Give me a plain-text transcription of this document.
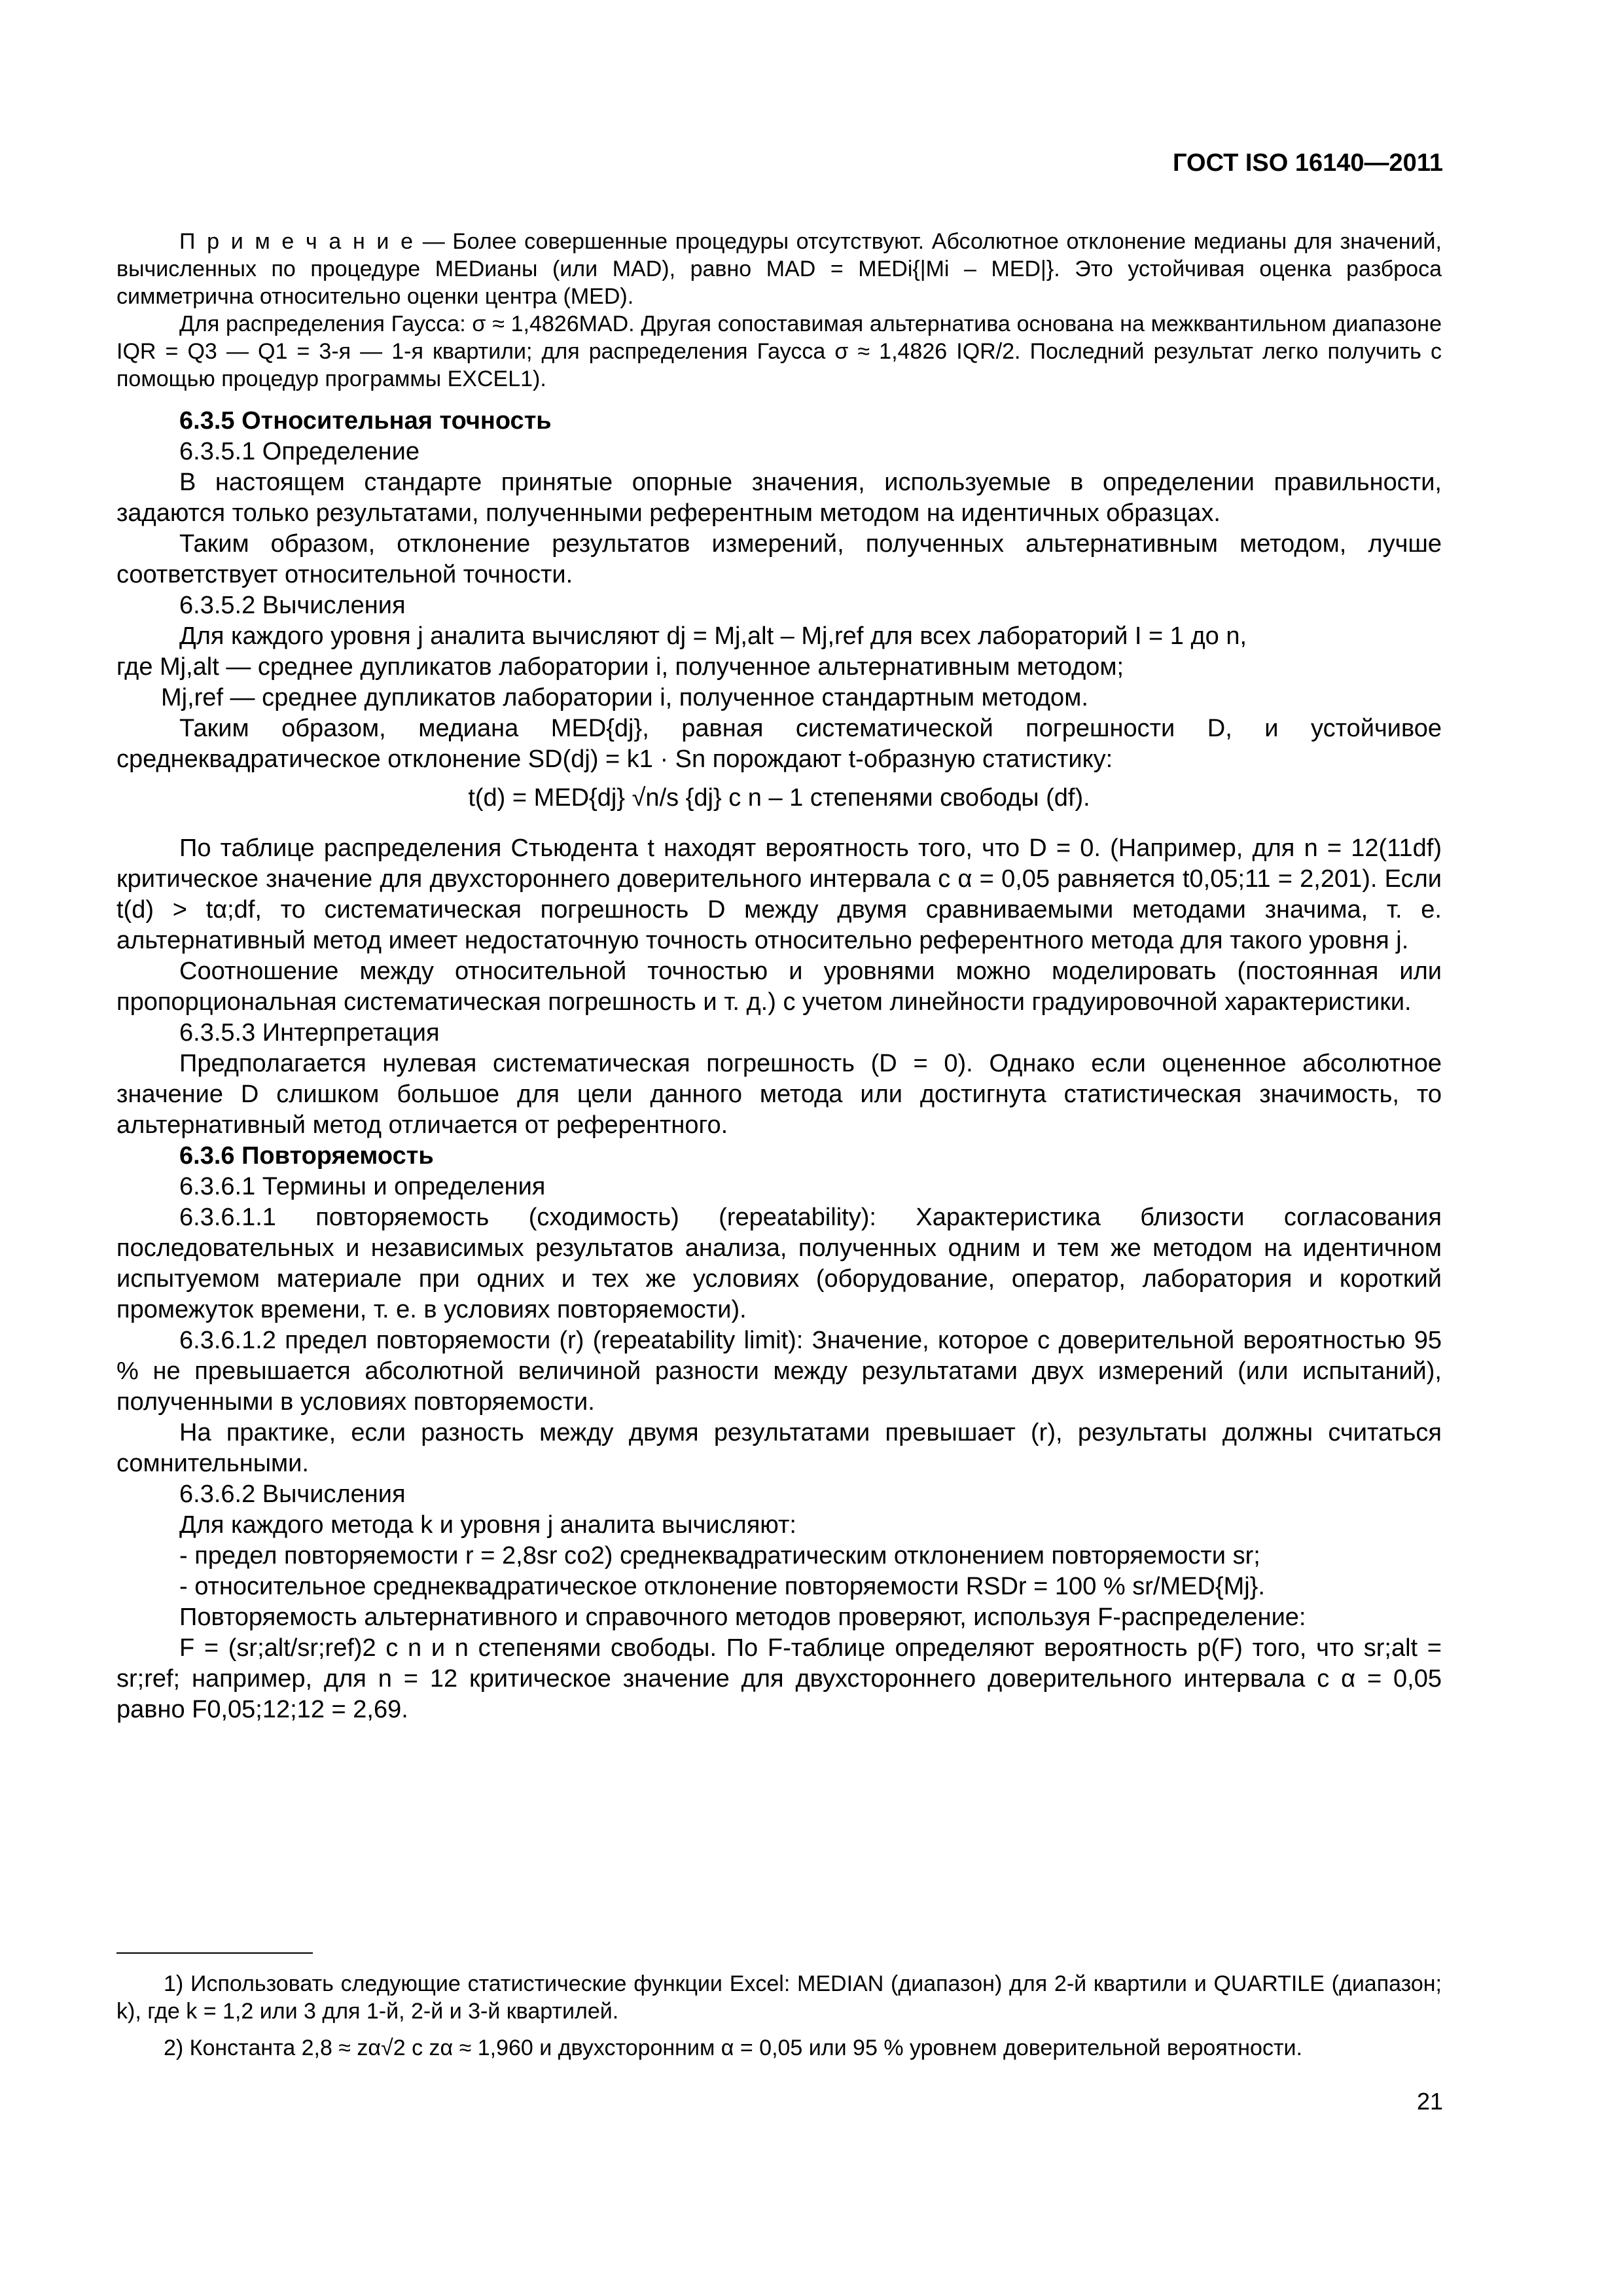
ГОСТ ISO 16140—2011

П р и м е ч а н и е — Более совершенные процедуры отсутствуют. Абсолютное отклонение медианы для значений, вычисленных по процедуре MEDианы (или MAD), равно MAD = MEDi{|Mi – MED|}. Это устойчивая оценка разброса симметрична относительно оценки центра (MED).

Для распределения Гаусса: σ ≈ 1,4826MAD. Другая сопоставимая альтернатива основана на межквантильном диапазоне IQR = Q3 — Q1 = 3-я — 1-я квартили; для распределения Гаусса σ ≈ 1,4826 IQR/2. Последний результат легко получить с помощью процедур программы EXCEL1).

6.3.5 Относительная точность

6.3.5.1 Определение

В настоящем стандарте принятые опорные значения, используемые в определении правильности, задаются только результатами, полученными референтным методом на идентичных образцах.

Таким образом, отклонение результатов измерений, полученных альтернативным методом, лучше соответствует относительной точности.

6.3.5.2 Вычисления

Для каждого уровня j аналита вычисляют dj = Mj,alt – Mj,ref для всех лабораторий I = 1 до n,

где Mj,alt — среднее дупликатов лаборатории i, полученное альтернативным методом;

Mj,ref — среднее дупликатов лаборатории i, полученное стандартным методом.

Таким образом, медиана MED{dj}, равная систематической погрешности D, и устойчивое среднеквадратическое отклонение SD(dj) = k1 · Sn порождают t-образную статистику:

t(d) = MED{dj} √n/s {dj} с n – 1 степенями свободы (df).

По таблице распределения Стьюдента t находят вероятность того, что D = 0. (Например, для n = 12(11df) критическое значение для двухстороннего доверительного интервала с α = 0,05 равняется t0,05;11 = 2,201). Если t(d) > tα;df, то систематическая погрешность D между двумя сравниваемыми методами значима, т. е. альтернативный метод имеет недостаточную точность относительно референтного метода для такого уровня j.

Соотношение между относительной точностью и уровнями можно моделировать (постоянная или пропорциональная систематическая погрешность и т. д.) с учетом линейности градуировочной характеристики.

6.3.5.3 Интерпретация

Предполагается нулевая систематическая погрешность (D = 0). Однако если оцененное абсолютное значение D слишком большое для цели данного метода или достигнута статистическая значимость, то альтернативный метод отличается от референтного.

6.3.6 Повторяемость

6.3.6.1 Термины и определения

6.3.6.1.1 повторяемость (сходимость) (repeatability): Характеристика близости согласования последовательных и независимых результатов анализа, полученных одним и тем же методом на идентичном испытуемом материале при одних и тех же условиях (оборудование, оператор, лаборатория и короткий промежуток времени, т. е. в условиях повторяемости).

6.3.6.1.2 предел повторяемости (r) (repeatability limit): Значение, которое с доверительной вероятностью 95 % не превышается абсолютной величиной разности между результатами двух измерений (или испытаний), полученными в условиях повторяемости.

На практике, если разность между двумя результатами превышает (r), результаты должны считаться сомнительными.

6.3.6.2 Вычисления

Для каждого метода k и уровня j аналита вычисляют:

- предел повторяемости r = 2,8sr со2) среднеквадратическим отклонением повторяемости sr;

- относительное среднеквадратическое отклонение повторяемости RSDr = 100 % sr/MED{Mj}.

Повторяемость альтернативного и справочного методов проверяют, используя F-распределение:

F = (sr;alt/sr;ref)2 с n и n степенями свободы. По F-таблице определяют вероятность p(F) того, что sr;alt = sr;ref; например, для n = 12 критическое значение для двухстороннего доверительного интервала с α = 0,05 равно F0,05;12;12 = 2,69.

1) Использовать следующие статистические функции Excel: MEDIAN (диапазон) для 2-й квартили и QUARTILE (диапазон; k), где k = 1,2 или 3 для 1-й, 2-й и 3-й квартилей.

2) Константа 2,8 ≈ zα√2 с zα ≈ 1,960 и двухсторонним α = 0,05 или 95 % уровнем доверительной вероятности.

21
